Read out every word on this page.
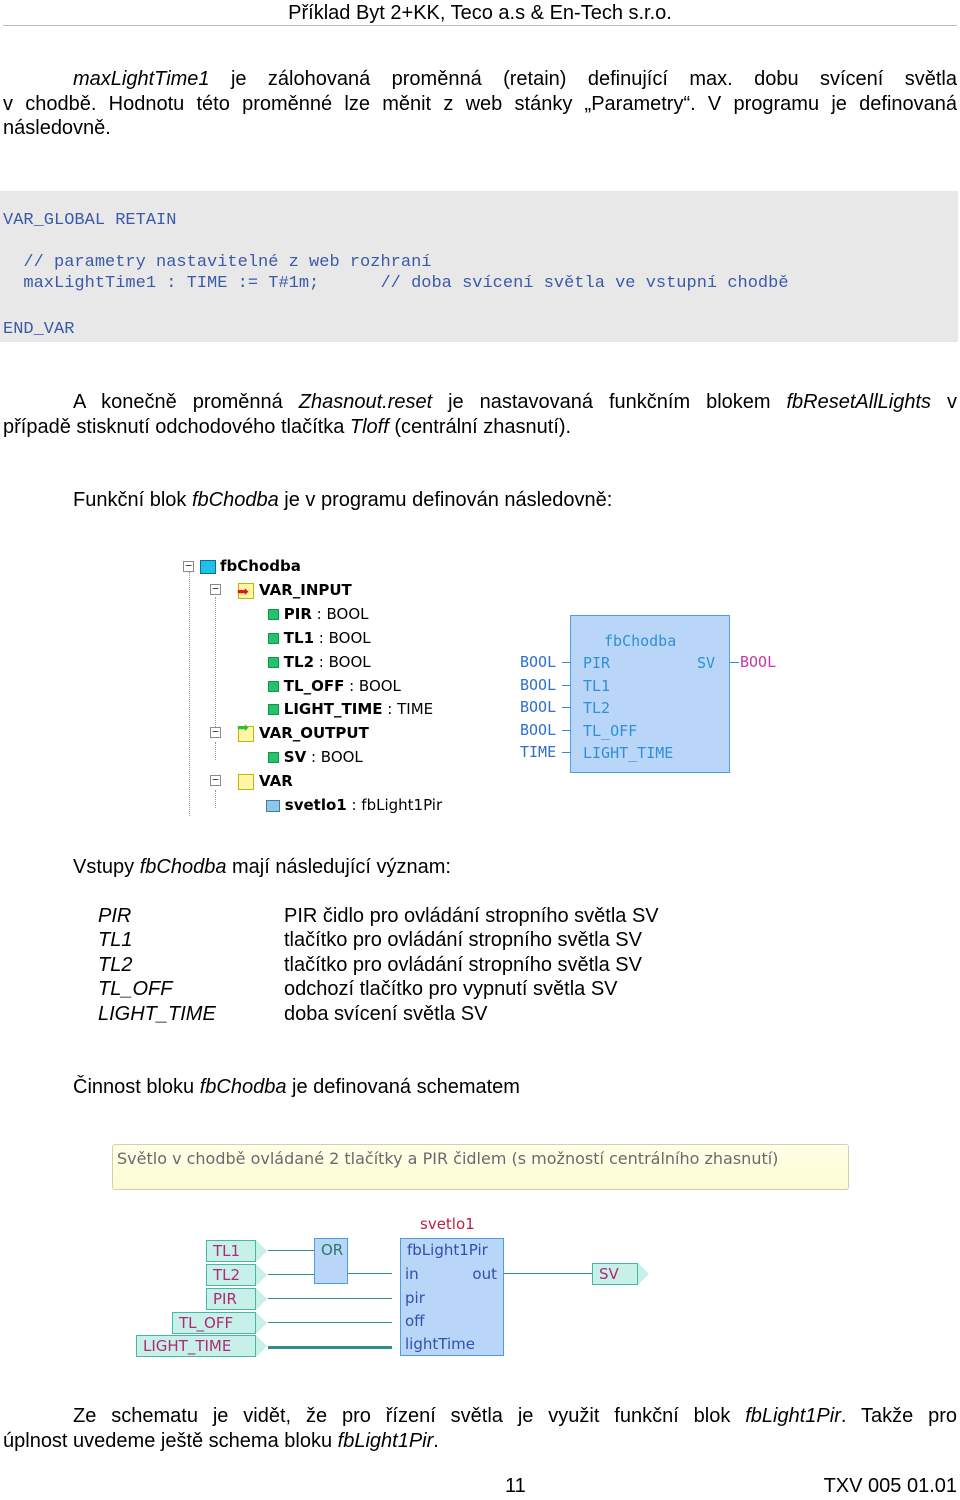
Příklad Byt 2+KK, Teco a.s & En-Tech s.r.o.
maxLightTime1 je zálohovaná proměnná (retain) definující max. dobu svícení světla
v chodbě. Hodnotu této proměnné lze měnit z web stánky „Parametry“. V programu je definovaná
následovně.
VAR_GLOBAL RETAIN
// parametry nastavitelné z web rozhraní
maxLightTime1 : TIME := T#1m;      // doba svícení světla ve vstupní chodbě
END_VAR
A konečně proměnná Zhasnout.reset je nastavovaná funkčním blokem fbResetAllLights v
případě stisknutí odchodového tlačítka Tloff (centrální zhasnutí).
Funkční blok fbChodba je v programu definován následovně:
−	fbChodba
− ➡ VAR_INPUT
PIR : BOOL
TL1 : BOOL
TL2 : BOOL
TL_OFF : BOOL
LIGHT_TIME : TIME
− ➡ VAR_OUTPUT
SV : BOOL
−	VAR
svetlo1 : fbLight1Pir
fbChodba
PIR
TL1
TL2
TL_OFF
LIGHT_TIME
SV
BOOL
BOOL
BOOL
BOOL
TIME
BOOL
Vstupy fbChodba mají následující význam:
PIR	PIR čidlo pro ovládání stropního světla SV
TL1	tlačítko pro ovládání stropního světla SV
TL2	tlačítko pro ovládání stropního světla SV
TL_OFF	odchozí tlačítko pro vypnutí světla SV
LIGHT_TIME	doba svícení světla SV
Činnost bloku fbChodba je definovaná schematem
Světlo v chodbě ovládané 2 tlačítky a PIR čidlem (s možností centrálního zhasnutí)
TL1
TL2
PIR
TL_OFF
LIGHT_TIME
OR
svetlo1
fbLight1Pir
in
pir
off
lightTime
out	SV
Ze schematu je vidět, že pro řízení světla je využit funkční blok fbLight1Pir. Takže pro
úplnost uvedeme ještě schema bloku fbLight1Pir.
11	TXV 005 01.01
